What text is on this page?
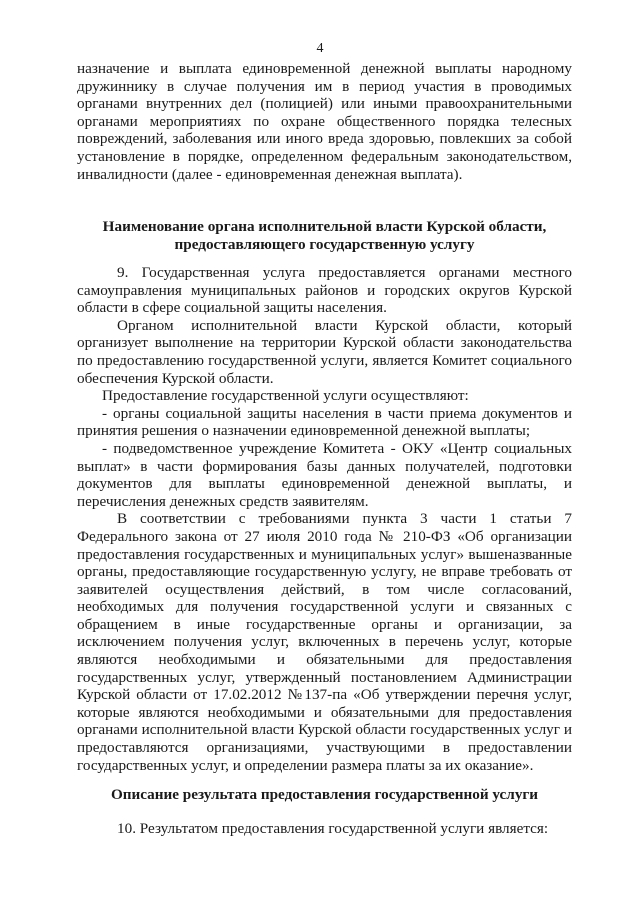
4

назначение и выплата единовременной денежной выплаты народному дружиннику в случае получения им в период участия в проводимых органами внутренних дел (полицией) или иными правоохранительными органами мероприятиях по охране общественного порядка телесных повреждений, заболевания или иного вреда здоровью, повлекших за собой установление в порядке, определенном федеральным законодательством, инвалидности (далее - единовременная денежная выплата).

Наименование органа исполнительной власти Курской области, предоставляющего государственную услугу

9. Государственная услуга предоставляется органами местного самоуправления муниципальных районов и городских округов Курской области в сфере социальной защиты населения.

Органом исполнительной власти Курской области, который организует выполнение на территории Курской области законодательства по предоставлению государственной услуги, является Комитет социального обеспечения Курской области.

Предоставление государственной услуги осуществляют:

- органы социальной защиты населения в части приема документов и принятия решения о назначении единовременной денежной выплаты;

- подведомственное учреждение Комитета - ОКУ «Центр социальных выплат» в части формирования базы данных получателей, подготовки документов для выплаты единовременной денежной выплаты, и перечисления денежных средств заявителям.

В соответствии с требованиями пункта 3 части 1 статьи 7 Федерального закона от 27 июля 2010 года № 210-ФЗ «Об организации предоставления государственных и муниципальных услуг» вышеназванные органы, предоставляющие государственную услугу, не вправе требовать от заявителей осуществления действий, в том числе согласований, необходимых для получения государственной услуги и связанных с обращением в иные государственные органы и организации, за исключением получения услуг, включенных в перечень услуг, которые являются необходимыми и обязательными для предоставления государственных услуг, утвержденный постановлением Администрации Курской области от 17.02.2012 №137-па «Об утверждении перечня услуг, которые являются необходимыми и обязательными для предоставления органами исполнительной власти Курской области государственных услуг и предоставляются организациями, участвующими в предоставлении государственных услуг, и определении размера платы за их оказание».

Описание результата предоставления государственной услуги

10. Результатом предоставления государственной услуги является:
